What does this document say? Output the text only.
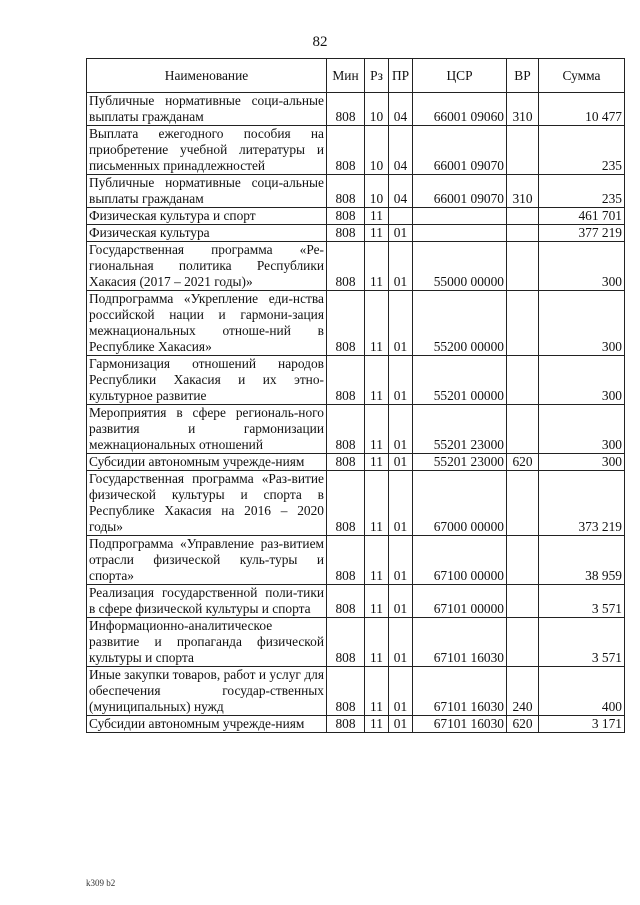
82
Наименование	Мин	Рз	ПР	ЦСР	ВР	Сумма
Публичные нормативные соци-альные выплаты гражданам	808	10	04	66001 09060	310	10 477
Выплата ежегодного пособия на приобретение учебной литературы и письменных принадлежностей	808	10	04	66001 09070		235
Публичные нормативные соци-альные выплаты гражданам	808	10	04	66001 09070	310	235
Физическая культура и спорт	808	11				461 701
Физическая культура	808	11	01			377 219
Государственная программа «Ре-гиональная политика Республики Хакасия (2017 – 2021 годы)»	808	11	01	55000 00000		300
Подпрограмма «Укрепление еди-нства российской нации и гармони-зация межнациональных отноше-ний в Республике Хакасия»	808	11	01	55200 00000		300
Гармонизация отношений народов Республики Хакасия и их этно-культурное развитие	808	11	01	55201 00000		300
Мероприятия в сфере региональ-ного развития и гармонизации межнациональных отношений	808	11	01	55201 23000		300
Субсидии автономным учрежде-ниям	808	11	01	55201 23000	620	300
Государственная программа «Раз-витие физической культуры и спорта в Республике Хакасия на 2016 – 2020 годы»	808	11	01	67000 00000		373 219
Подпрограмма «Управление раз-витием отрасли физической куль-туры и спорта»	808	11	01	67100 00000		38 959
Реализация государственной поли-тики в сфере физической культуры и спорта	808	11	01	67101 00000		3 571
Информационно-аналитическое развитие и пропаганда физической культуры и спорта	808	11	01	67101 16030		3 571
Иные закупки товаров, работ и услуг для обеспечения государ-ственных (муниципальных) нужд	808	11	01	67101 16030	240	400
Субсидии автономным учрежде-ниям	808	11	01	67101 16030	620	3 171
k309 b2
